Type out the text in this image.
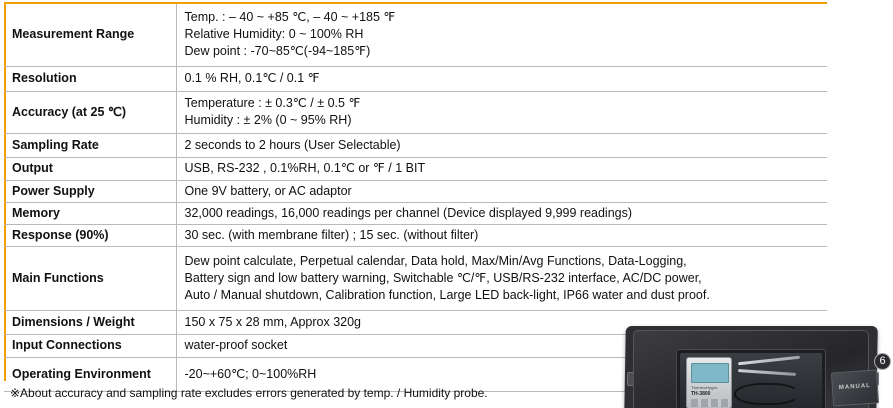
Measurement Range	Temp. : – 40 ~ +85 ℃, – 40 ~ +185 ℉
Relative Humidity: 0 ~ 100% RH
Dew point : -70~85℃(-94~185℉)

Resolution	0.1 % RH, 0.1℃ / 0.1 ℉

Accuracy (at 25 ℃)	Temperature : ± 0.3℃ / ± 0.5 ℉
Humidity : ± 2% (0 ~ 95% RH)

Sampling Rate	2 seconds to 2 hours (User Selectable)

Output	USB, RS-232 , 0.1%RH, 0.1℃ or ℉ / 1 BIT

Power Supply	One 9V battery, or AC adaptor

Memory	32,000 readings, 16,000 readings per channel (Device displayed 9,999 readings)

Response (90%)	30 sec. (with membrane filter) ; 15 sec. (without filter)

Main Functions	Dew point calculate, Perpetual calendar, Data hold, Max/Min/Avg Functions, Data-Logging,
Battery sign and low battery warning, Switchable ℃/℉, USB/RS-232 interface, AC/DC power,
Auto / Manual shutdown, Calibration function, Large LED back-light, IP66 water and dust proof.

Dimensions / Weight	150 x 75 x 28 mm, Approx 320g

Input Connections	water-proof socket

Operating Environment	-20~+60℃; 0~100%RH
※About accuracy and sampling rate excludes errors generated by temp. / Humidity probe.	ThermoHygro
TH-3800
MANUAL
6
